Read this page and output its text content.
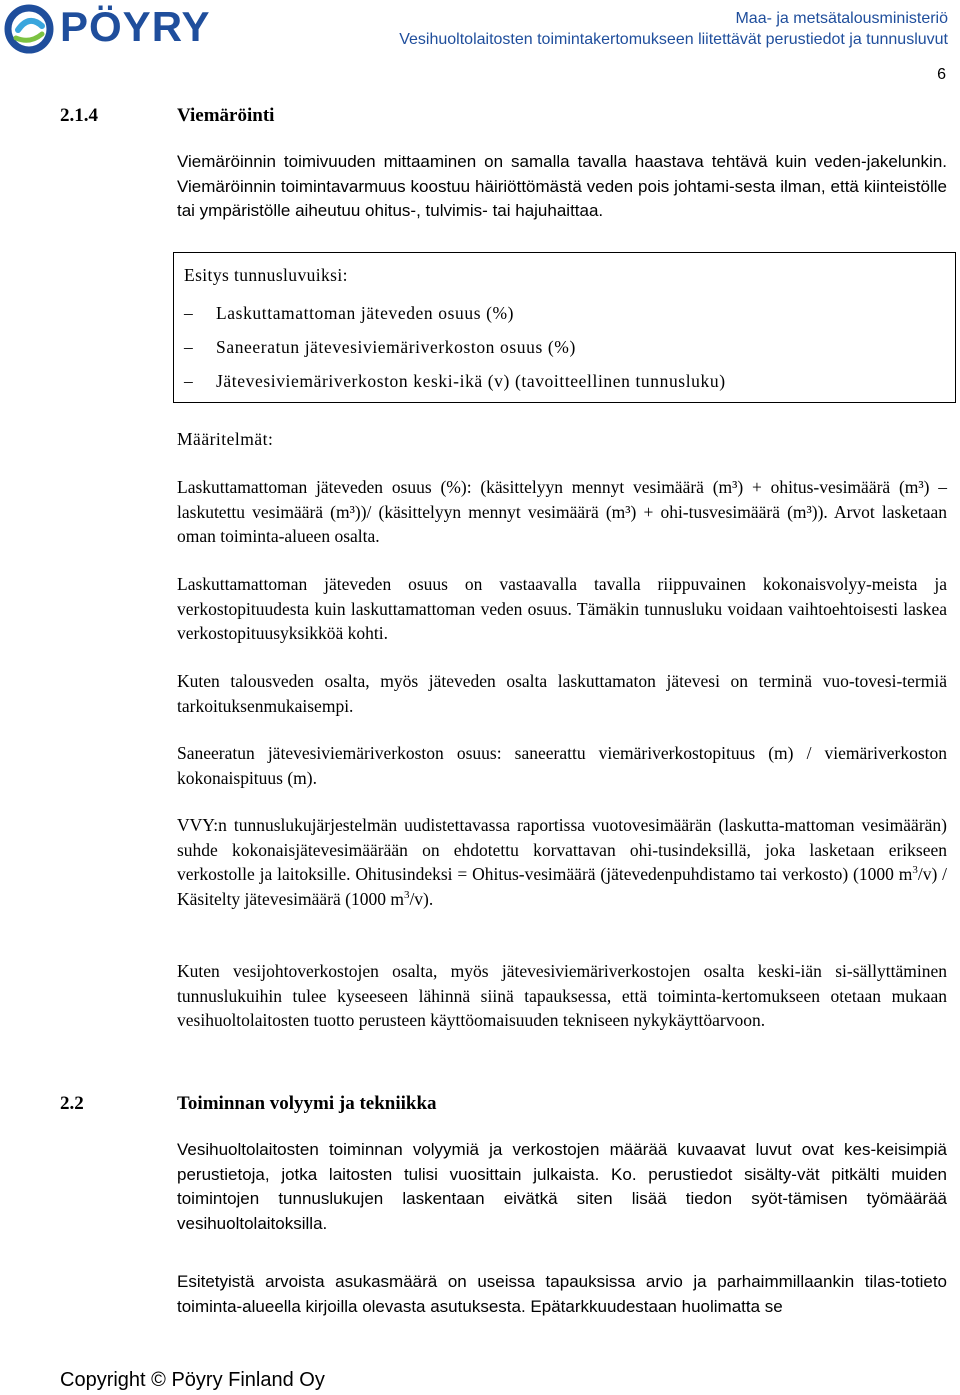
PÖYRY	Maa- ja metsätalousministeriö
Vesihuoltolaitosten toimintakertomukseen liitettävät perustiedot ja tunnusluvut
6
2.1.4	Viemäröinti
Viemäröinnin toimivuuden mittaaminen on samalla tavalla haastava tehtävä kuin veden-jakelunkin. Viemäröinnin toimintavarmuus koostuu häiriöttömästä veden pois johtami-sesta ilman, että kiinteistölle tai ympäristölle aiheutuu ohitus-, tulvimis- tai hajuhaittaa.
Esitys tunnusluvuiksi:
–	Laskuttamattoman jäteveden osuus (%)
–	Saneeratun jätevesiviemäriverkoston osuus (%)
–	Jätevesiviemäriverkoston keski-ikä (v) (tavoitteellinen tunnusluku)
Määritelmät:
Laskuttamattoman jäteveden osuus (%): (käsittelyyn mennyt vesimäärä (m³) + ohitus-vesimäärä (m³) – laskutettu vesimäärä (m³))/ (käsittelyyn mennyt vesimäärä (m³) + ohi-tusvesimäärä (m³)). Arvot lasketaan oman toiminta-alueen osalta.
Laskuttamattoman jäteveden osuus on vastaavalla tavalla riippuvainen kokonaisvolyy-meista ja verkostopituudesta kuin laskuttamattoman veden osuus. Tämäkin tunnusluku voidaan vaihtoehtoisesti laskea verkostopituusyksikköä kohti.
Kuten talousveden osalta, myös jäteveden osalta laskuttamaton jätevesi on terminä vuo-tovesi-termiä tarkoituksenmukaisempi.
Saneeratun jätevesiviemäriverkoston osuus: saneerattu viemäriverkostopituus (m) / viemäriverkoston kokonaispituus (m).
VVY:n tunnuslukujärjestelmän uudistettavassa raportissa vuotovesimäärän (laskutta-mattoman vesimäärän) suhde kokonaisjätevesimäärään on ehdotettu korvattavan ohi-tusindeksillä, joka lasketaan erikseen verkostolle ja laitoksille. Ohitusindeksi = Ohitus-vesimäärä (jätevedenpuhdistamo tai verkosto) (1000 $m^3/v$) / Käsitelty jätevesimäärä (1000 $m^3/v$).
Kuten vesijohtoverkostojen osalta, myös jätevesiviemäriverkostojen osalta keski-iän si-sällyttäminen tunnuslukuihin tulee kyseeseen lähinnä siinä tapauksessa, että toiminta-kertomukseen otetaan mukaan vesihuoltolaitosten tuotto perusteen käyttöomaisuuden tekniseen nykykäyttöarvoon.
2.2	Toiminnan volyymi ja tekniikka
Vesihuoltolaitosten toiminnan volyymiä ja verkostojen määrää kuvaavat luvut ovat kes-keisimpiä perustietoja, jotka laitosten tulisi vuosittain julkaista. Ko. perustiedot sisälty-vät pitkälti muiden toimintojen tunnuslukujen laskentaan eivätkä siten lisää tiedon syöt-tämisen työmäärää vesihuoltolaitoksilla.
Esitetyistä arvoista asukasmäärä on useissa tapauksissa arvio ja parhaimmillaankin tilas-totieto toiminta-alueella kirjoilla olevasta asutuksesta. Epätarkkuudestaan huolimatta se
Copyright © Pöyry Finland Oy
